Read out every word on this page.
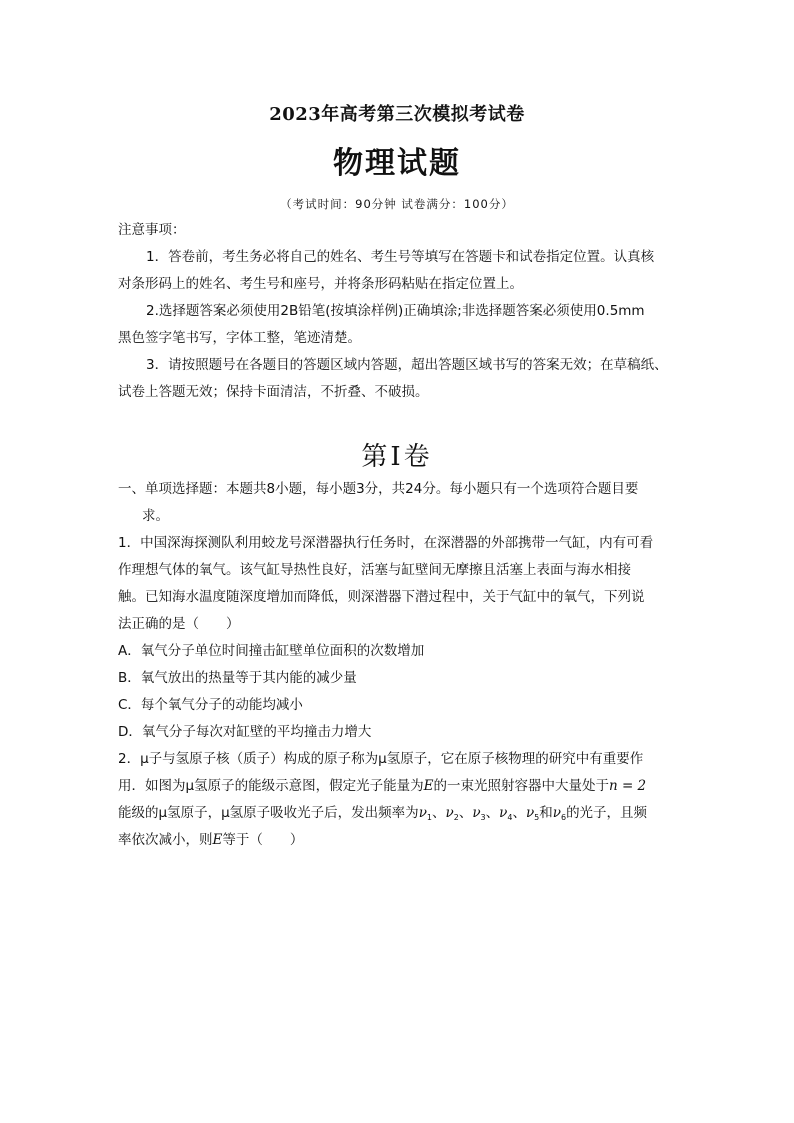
2023年高考第三次模拟考试卷
物理试题
（考试时间：90分钟 试卷满分：100分）
注意事项：
1．答卷前，考生务必将自己的姓名、考生号等填写在答题卡和试卷指定位置。认真核
对条形码上的姓名、考生号和座号，并将条形码粘贴在指定位置上。
2.选择题答案必须使用2B铅笔(按填涂样例)正确填涂;非选择题答案必须使用0.5mm
黑色签字笔书写，字体工整，笔迹清楚。
3．请按照题号在各题目的答题区域内答题，超出答题区域书写的答案无效；在草稿纸、
试卷上答题无效；保持卡面清洁，不折叠、不破损。
第Ⅰ卷
一、单项选择题：本题共8小题，每小题3分，共24分。每小题只有一个选项符合题目要
求。
1．中国深海探测队利用蛟龙号深潜器执行任务时，在深潜器的外部携带一气缸，内有可看
作理想气体的氧气。该气缸导热性良好，活塞与缸壁间无摩擦且活塞上表面与海水相接
触。已知海水温度随深度增加而降低，则深潜器下潜过程中，关于气缸中的氧气，下列说
法正确的是（　　）
A．氧气分子单位时间撞击缸壁单位面积的次数增加
B．氧气放出的热量等于其内能的减少量
C．每个氧气分子的动能均减小
D．氧气分子每次对缸壁的平均撞击力增大
2．μ子与氢原子核（质子）构成的原子称为μ氢原子，它在原子核物理的研究中有重要作
用．如图为μ氢原子的能级示意图，假定光子能量为E的一束光照射容器中大量处于n = 2
能级的μ氢原子，μ氢原子吸收光子后，发出频率为$\nu_1$、$\nu_2$、$\nu_3$、$\nu_4$、$\nu_5$和$\nu_6$的光子，且频
率依次减小，则E等于（　　）
